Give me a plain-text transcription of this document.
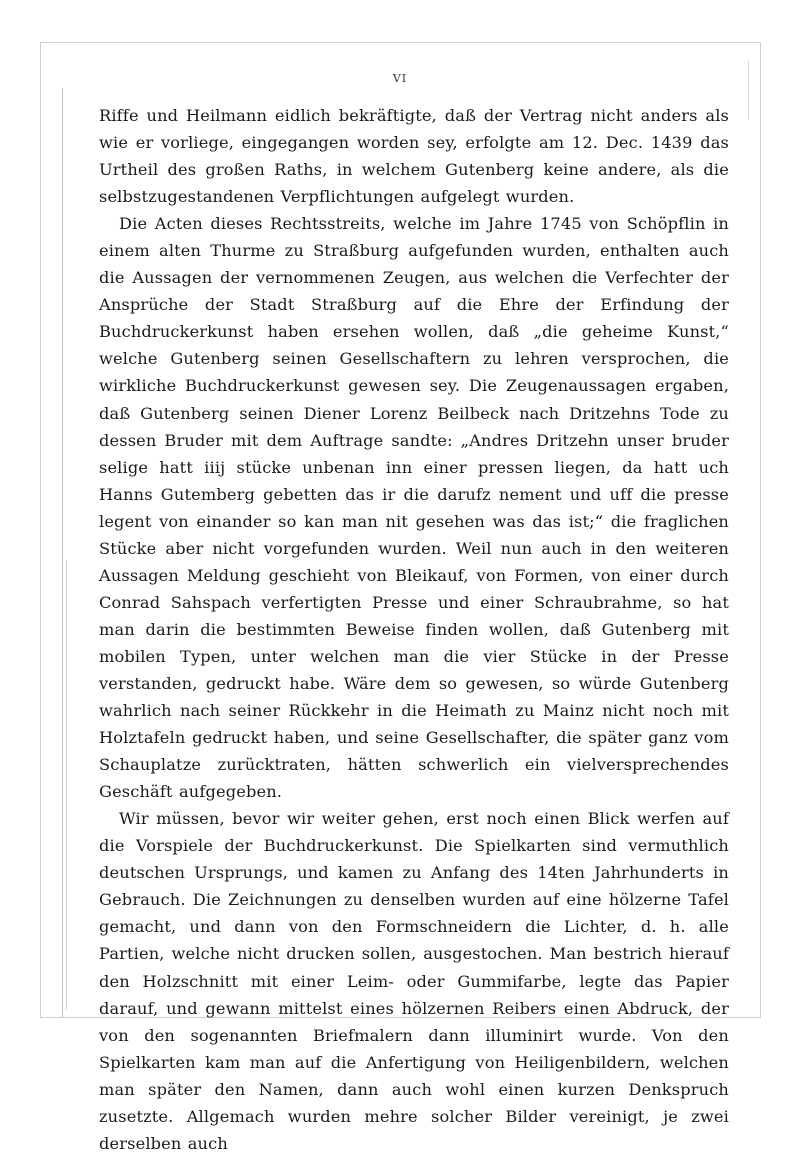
VI

Riffe und Heilmann eidlich bekräftigte, daß der Vertrag nicht anders als wie er vorliege, eingegangen worden sey, erfolgte am 12. Dec. 1439 das Urtheil des großen Raths, in welchem Gutenberg keine andere, als die selbstzugestandenen Verpflichtungen aufgelegt wurden.

Die Acten dieses Rechtsstreits, welche im Jahre 1745 von Schöpflin in einem alten Thurme zu Straßburg aufgefunden wurden, enthalten auch die Aussagen der vernommenen Zeugen, aus welchen die Verfechter der Ansprüche der Stadt Straßburg auf die Ehre der Erfindung der Buchdruckerkunst haben ersehen wollen, daß „die geheime Kunst,“ welche Gutenberg seinen Gesellschaftern zu lehren versprochen, die wirkliche Buchdruckerkunst gewesen sey. Die Zeugenaussagen ergaben, daß Gutenberg seinen Diener Lorenz Beilbeck nach Dritzehns Tode zu dessen Bruder mit dem Auftrage sandte: „Andres Dritzehn unser bruder selige hatt iiij stücke unbenan inn einer pressen liegen, da hatt uch Hanns Gutemberg gebetten das ir die darufz nement und uff die presse legent von einander so kan man nit gesehen was das ist;“ die fraglichen Stücke aber nicht vorgefunden wurden. Weil nun auch in den weiteren Aussagen Meldung geschieht von Bleikauf, von Formen, von einer durch Conrad Sahspach verfertigten Presse und einer Schraubrahme, so hat man darin die bestimmten Beweise finden wollen, daß Gutenberg mit mobilen Typen, unter welchen man die vier Stücke in der Presse verstanden, gedruckt habe. Wäre dem so gewesen, so würde Gutenberg wahrlich nach seiner Rückkehr in die Heimath zu Mainz nicht noch mit Holztafeln gedruckt haben, und seine Gesellschafter, die später ganz vom Schauplatze zurücktraten, hätten schwerlich ein vielversprechendes Geschäft aufgegeben.

Wir müssen, bevor wir weiter gehen, erst noch einen Blick werfen auf die Vorspiele der Buchdruckerkunst. Die Spielkarten sind vermuthlich deutschen Ursprungs, und kamen zu Anfang des 14ten Jahrhunderts in Gebrauch. Die Zeichnungen zu denselben wurden auf eine hölzerne Tafel gemacht, und dann von den Formschneidern die Lichter, d. h. alle Partien, welche nicht drucken sollen, ausgestochen. Man bestrich hierauf den Holzschnitt mit einer Leim- oder Gummifarbe, legte das Papier darauf, und gewann mittelst eines hölzernen Reibers einen Abdruck, der von den sogenannten Briefmalern dann illuminirt wurde. Von den Spielkarten kam man auf die Anfertigung von Heiligenbildern, welchen man später den Namen, dann auch wohl einen kurzen Denkspruch zusetzte. Allgemach wurden mehre solcher Bilder vereinigt, je zwei derselben auch
